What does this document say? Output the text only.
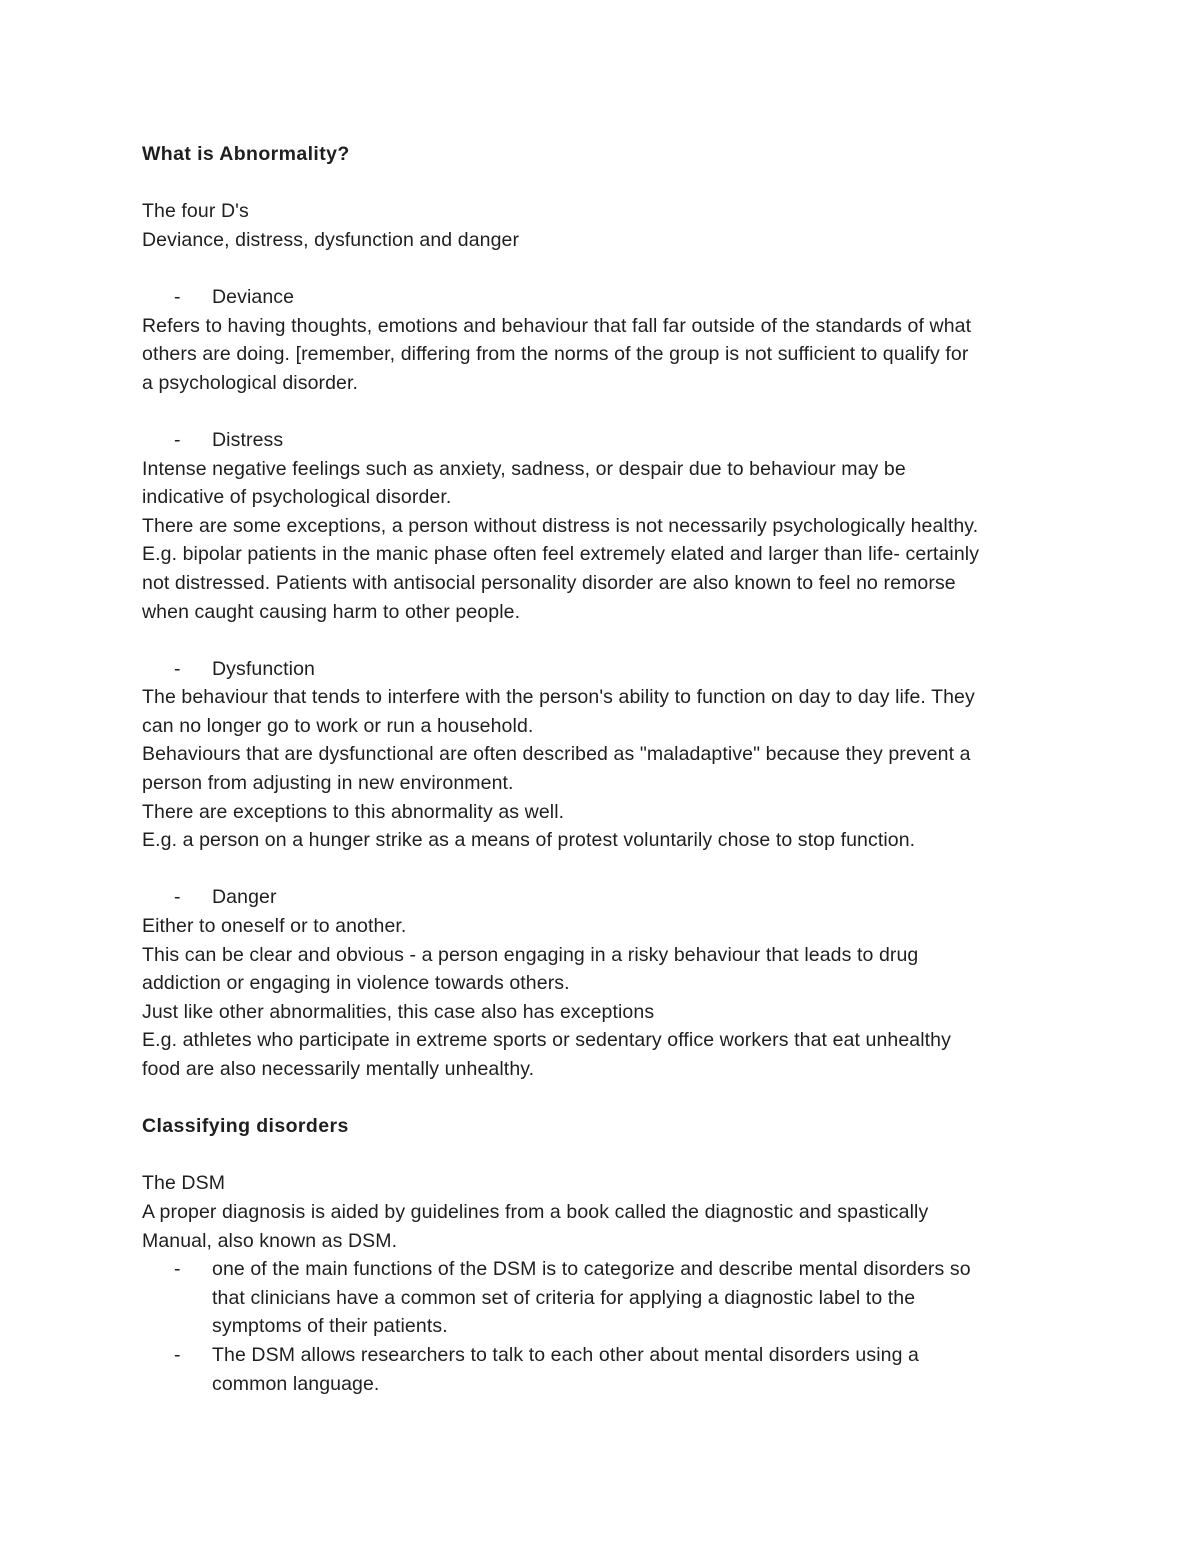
What is Abnormality?

The four D's

Deviance, distress, dysfunction and danger

-	Deviance

Refers to having thoughts, emotions and behaviour that fall far outside of the standards of what

others are doing. [remember, differing from the norms of the group is not sufficient to qualify for

a psychological disorder.

-	Distress

Intense negative feelings such as anxiety, sadness, or despair due to behaviour may be

indicative of psychological disorder.

There are some exceptions, a person without distress is not necessarily psychologically healthy.

E.g. bipolar patients in the manic phase often feel extremely elated and larger than life- certainly

not distressed. Patients with antisocial personality disorder are also known to feel no remorse

when caught causing harm to other people.

-	Dysfunction

The behaviour that tends to interfere with the person's ability to function on day to day life. They

can no longer go to work or run a household.

Behaviours that are dysfunctional are often described as "maladaptive" because they prevent a

person from adjusting in new environment.

There are exceptions to this abnormality as well.

E.g. a person on a hunger strike as a means of protest voluntarily chose to stop function.

-	Danger

Either to oneself or to another.

This can be clear and obvious - a person engaging in a risky behaviour that leads to drug

addiction or engaging in violence towards others.

Just like other abnormalities, this case also has exceptions

E.g. athletes who participate in extreme sports or sedentary office workers that eat unhealthy

food are also necessarily mentally unhealthy.

Classifying disorders

The DSM

A proper diagnosis is aided by guidelines from a book called the diagnostic and spastically

Manual, also known as DSM.

-	one of the main functions of the DSM is to categorize and describe mental disorders so
that clinicians have a common set of criteria for applying a diagnostic label to the
symptoms of their patients.
-	The DSM allows researchers to talk to each other about mental disorders using a
common language.
